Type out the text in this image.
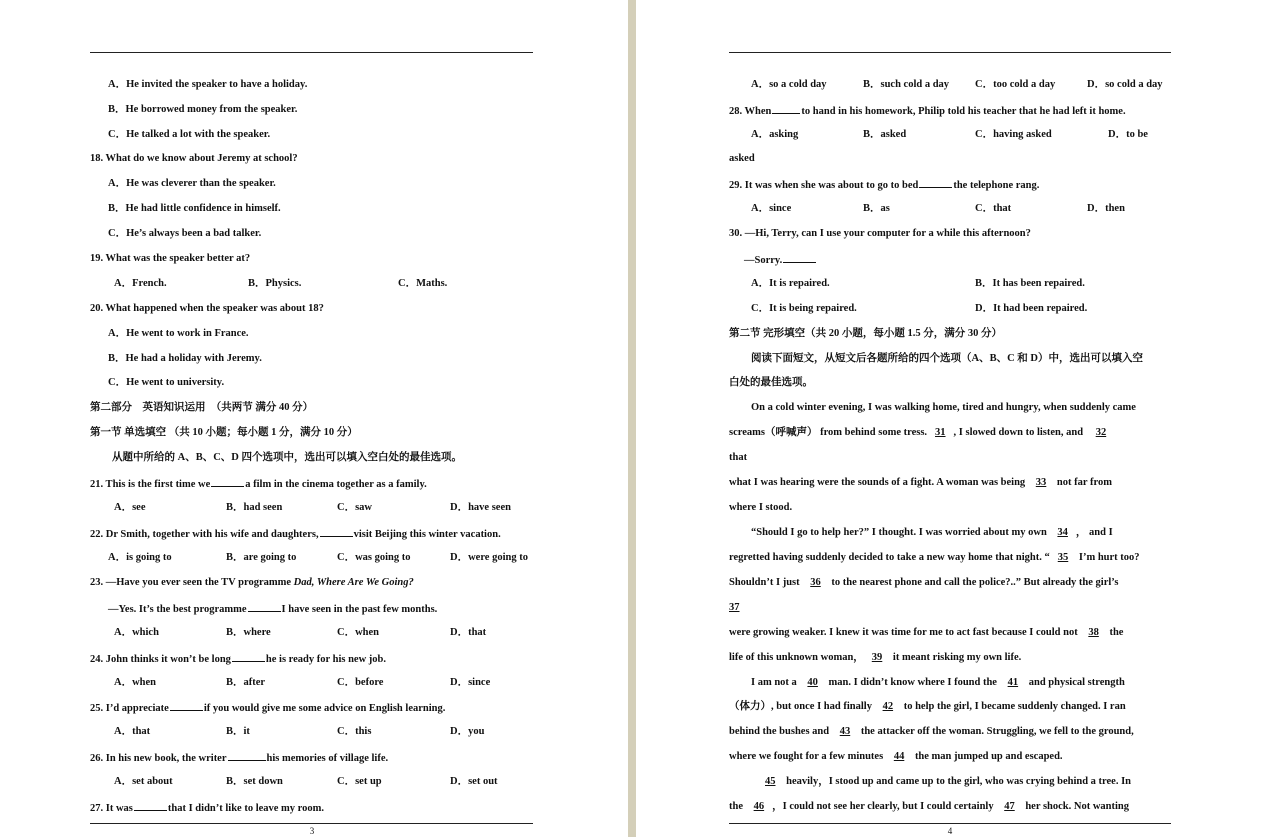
A．He invited the speaker to have a holiday.
B．He borrowed money from the speaker.
C．He talked a lot with the speaker.
18. What do we know about Jeremy at school?
A．He was cleverer than the speaker.
B．He had little confidence in himself.
C．He’s always been a bad talker.
19. What was the speaker better at?
A．French.	B．Physics.	C．Maths.
20. What happened when the speaker was about 18?
A．He went to work in France.
B．He had a holiday with Jeremy.
C．He went to university.
第二部分　英语知识运用　（共两节 满分 40 分）
第一节 单选填空 （共 10 小题；每小题 1 分，满分 10 分）
从题中所给的 A、B、C、D 四个选项中，选出可以填入空白处的最佳选项。
21. This is the first time we	a film in the cinema together as a family.
A．see	B．had seen	C．saw	D．have seen
22. Dr Smith, together with his wife and daughters,	visit Beijing this winter vacation.
A．is going to	B．are going to	C．was going to	D．were going to
23. —Have you ever seen the TV programme Dad, Where Are We Going?
—Yes. It’s the best programme	I have seen in the past few months.
A．which	B．where	C．when	D．that
24. John thinks it won’t be long	he is ready for his new job.
A．when	B．after	C．before	D．since
25. I’d appreciate	if you would give me some advice on English learning.
A．that	B．it	C．this	D．you
26. In his new book, the writer	his memories of village life.
A．set about	B．set down	C．set up	D．set out
27. It was	that I didn’t like to leave my room.
3
A．so a cold day	B．such cold a day C．too cold a day	D．so cold a day
28. When	to hand in his homework, Philip told his teacher that he had left it home.
A．asking	B．asked	C．having asked	D．to be
asked
29. It was when she was about to go to bed	the telephone rang.
A．since	B．as	C．that	D．then
30. —Hi, Terry, can I use your computer for a while this afternoon?
—Sorry.
A．It is repaired.	B．It has been repaired.
C．It is being repaired.	D．It had been repaired.
第二节 完形填空（共 20 小题，每小题 1.5 分，满分 30 分）
阅读下面短文，从短文后各题所给的四个选项（A、B、C 和 D）中，选出可以填入空
白处的最佳选项。
On a cold winter evening, I was walking home, tired and hungry, when suddenly came
screams（呼喊声） from behind some tress. 31 , I slowed down to listen, and 32
that
what I was hearing were the sounds of a fight. A woman was being 33 not far from
where I stood.
“Should I go to help her?” I thought. I was worried about my own 34 ， and I
regretted having suddenly decided to take a new way home that night. “ 35 I’m hurt too?
Shouldn’t I just 36 to the nearest phone and call the police?..” But already the girl’s
37
were growing weaker. I knew it was time for me to act fast because I could not 38 the
life of this unknown woman， 39 it meant risking my own life.
I am not a 40 man. I didn’t know where I found the 41 and physical strength
（体力）, but once I had finally 42 to help the girl, I became suddenly changed. I ran
behind the bushes and 43 the attacker off the woman. Struggling, we fell to the ground,
where we fought for a few minutes 44 the man jumped up and escaped.
45 heavily，I stood up and came up to the girl, who was crying behind a tree. In
the 46 ，I could not see her clearly, but I could certainly 47 her shock. Not wanting
4
